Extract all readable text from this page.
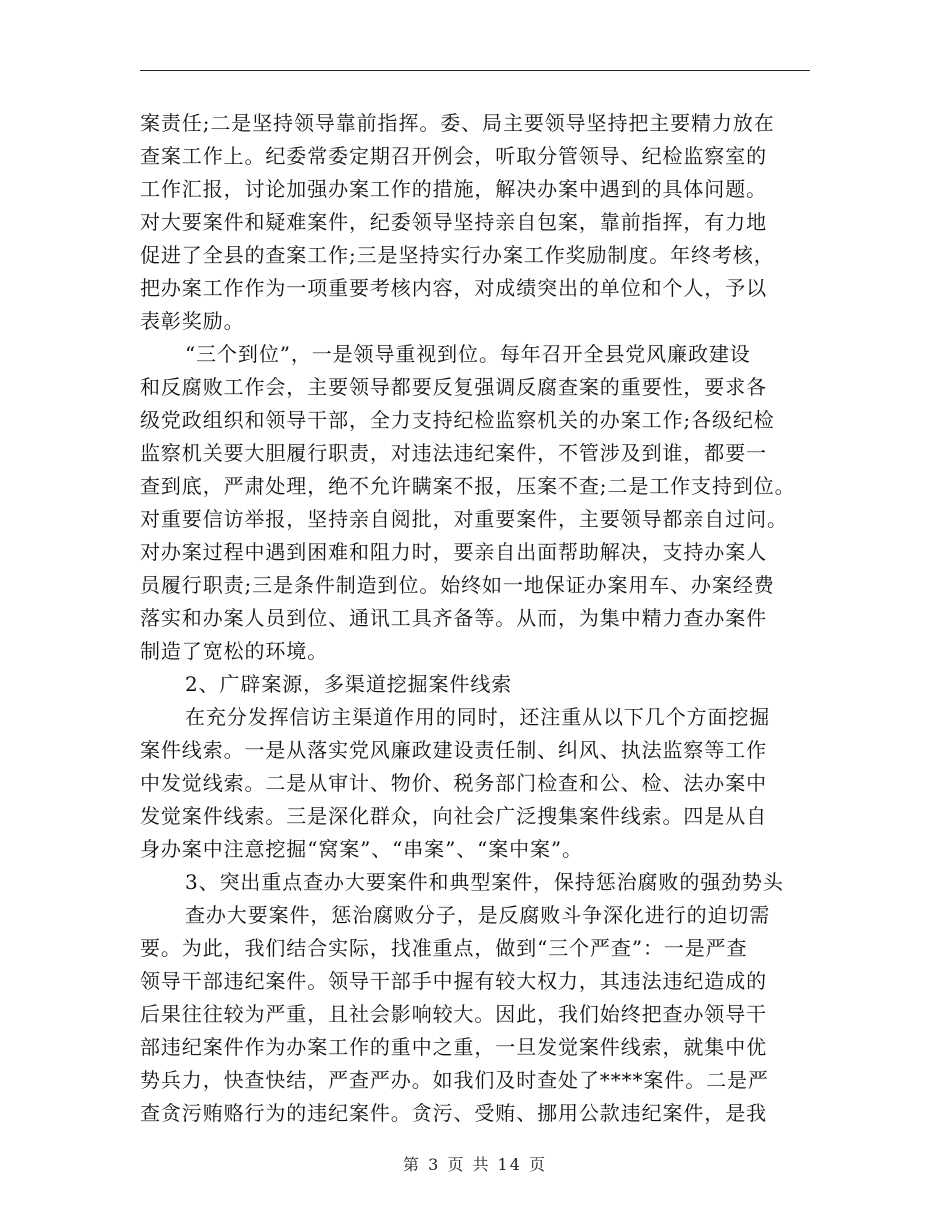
案责任;二是坚持领导靠前指挥。委、局主要领导坚持把主要精力放在
查案工作上。纪委常委定期召开例会，听取分管领导、纪检监察室的
工作汇报，讨论加强办案工作的措施，解决办案中遇到的具体问题。
对大要案件和疑难案件，纪委领导坚持亲自包案，靠前指挥，有力地
促进了全县的查案工作;三是坚持实行办案工作奖励制度。年终考核，
把办案工作作为一项重要考核内容，对成绩突出的单位和个人，予以
表彰奖励。
“三个到位”，一是领导重视到位。每年召开全县党风廉政建设
和反腐败工作会，主要领导都要反复强调反腐查案的重要性，要求各
级党政组织和领导干部，全力支持纪检监察机关的办案工作;各级纪检
监察机关要大胆履行职责，对违法违纪案件，不管涉及到谁，都要一
查到底，严肃处理，绝不允许瞒案不报，压案不查;二是工作支持到位。
对重要信访举报，坚持亲自阅批，对重要案件，主要领导都亲自过问。
对办案过程中遇到困难和阻力时，要亲自出面帮助解决，支持办案人
员履行职责;三是条件制造到位。始终如一地保证办案用车、办案经费
落实和办案人员到位、通讯工具齐备等。从而，为集中精力查办案件
制造了宽松的环境。
2、广辟案源，多渠道挖掘案件线索
在充分发挥信访主渠道作用的同时，还注重从以下几个方面挖掘
案件线索。一是从落实党风廉政建设责任制、纠风、执法监察等工作
中发觉线索。二是从审计、物价、税务部门检查和公、检、法办案中
发觉案件线索。三是深化群众，向社会广泛搜集案件线索。四是从自
身办案中注意挖掘“窝案”、“串案”、“案中案”。
3、突出重点查办大要案件和典型案件，保持惩治腐败的强劲势头
查办大要案件，惩治腐败分子，是反腐败斗争深化进行的迫切需
要。为此，我们结合实际，找准重点，做到“三个严查”：一是严查
领导干部违纪案件。领导干部手中握有较大权力，其违法违纪造成的
后果往往较为严重，且社会影响较大。因此，我们始终把查办领导干
部违纪案件作为办案工作的重中之重，一旦发觉案件线索，就集中优
势兵力，快查快结，严查严办。如我们及时查处了****案件。二是严
查贪污贿赂行为的违纪案件。贪污、受贿、挪用公款违纪案件，是我
第 3 页 共 14 页
